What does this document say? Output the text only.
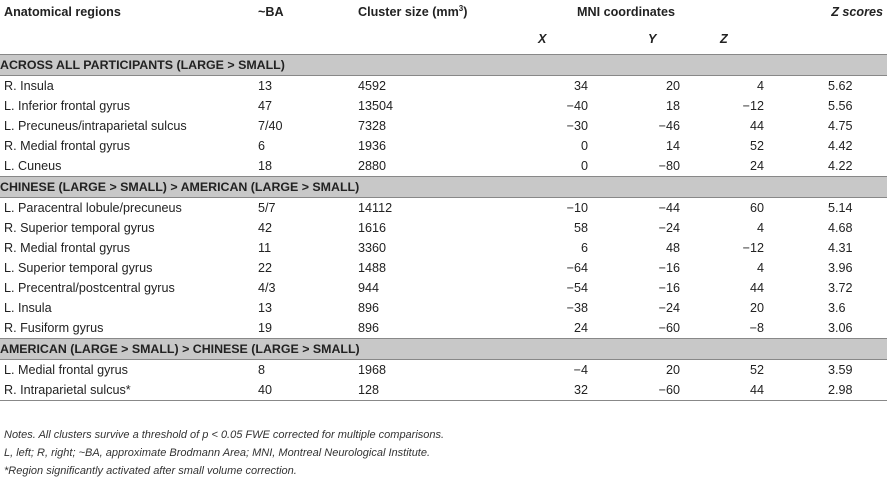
Anatomical regions	~BA	Cluster size $(mm^3)$	MNI coordinates			Z scores
			X	Y	Z	
ACROSS ALL PARTICIPANTS (LARGE > SMALL)						
R. Insula	13	4592	34	20	4	5.62
L. Inferior frontal gyrus	47	13504	−40	18	−12	5.56
L. Precuneus/intraparietal sulcus	7/40	7328	−30	−46	44	4.75
R. Medial frontal gyrus	6	1936	0	14	52	4.42
L. Cuneus	18	2880	0	−80	24	4.22
CHINESE (LARGE > SMALL) > AMERICAN (LARGE > SMALL)						
L. Paracentral lobule/precuneus	5/7	14112	−10	−44	60	5.14
R. Superior temporal gyrus	42	1616	58	−24	4	4.68
R. Medial frontal gyrus	11	3360	6	48	−12	4.31
L. Superior temporal gyrus	22	1488	−64	−16	4	3.96
L. Precentral/postcentral gyrus	4/3	944	−54	−16	44	3.72
L. Insula	13	896	−38	−24	20	3.6
R. Fusiform gyrus	19	896	24	−60	−8	3.06
AMERICAN (LARGE > SMALL) > CHINESE (LARGE > SMALL)						
L. Medial frontal gyrus	8	1968	−4	20	52	3.59
R. Intraparietal sulcus*	40	128	32	−60	44	2.98
Notes. All clusters survive a threshold of p < 0.05 FWE corrected for multiple comparisons.
L, left; R, right; ~BA, approximate Brodmann Area; MNI, Montreal Neurological Institute.
*Region significantly activated after small volume correction.
